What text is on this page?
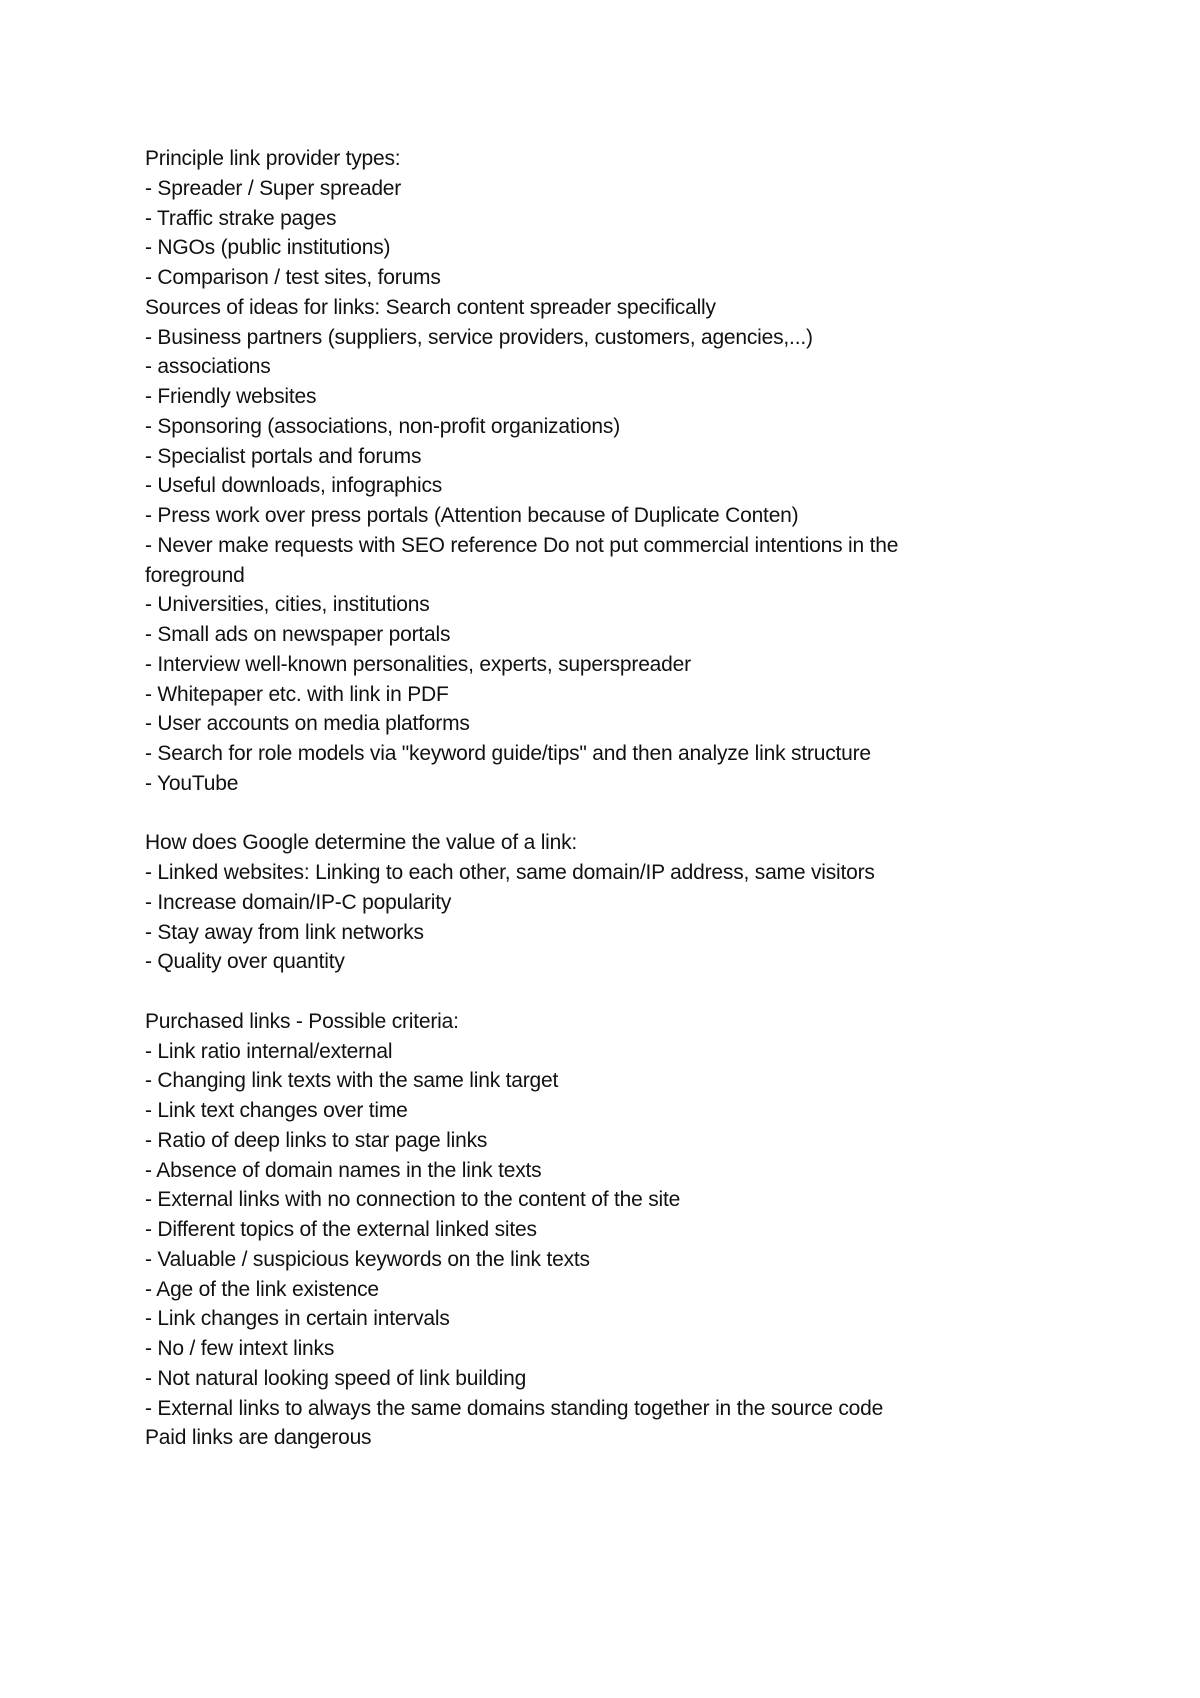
Principle link provider types:
- Spreader / Super spreader
- Traffic strake pages
- NGOs (public institutions)
- Comparison / test sites, forums
Sources of ideas for links: Search content spreader specifically
- Business partners (suppliers, service providers, customers, agencies,...)
- associations
- Friendly websites
- Sponsoring (associations, non-profit organizations)
- Specialist portals and forums
- Useful downloads, infographics
- Press work over press portals (Attention because of Duplicate Conten)
- Never make requests with SEO reference Do not put commercial intentions in the
foreground
- Universities, cities, institutions
- Small ads on newspaper portals
- Interview well-known personalities, experts, superspreader
- Whitepaper etc. with link in PDF
- User accounts on media platforms
- Search for role models via "keyword guide/tips" and then analyze link structure
- YouTube
How does Google determine the value of a link:
- Linked websites: Linking to each other, same domain/IP address, same visitors
- Increase domain/IP-C popularity
- Stay away from link networks
- Quality over quantity
Purchased links - Possible criteria:
- Link ratio internal/external
- Changing link texts with the same link target
- Link text changes over time
- Ratio of deep links to star page links
- Absence of domain names in the link texts
- External links with no connection to the content of the site
- Different topics of the external linked sites
- Valuable / suspicious keywords on the link texts
- Age of the link existence
- Link changes in certain intervals
- No / few intext links
- Not natural looking speed of link building
- External links to always the same domains standing together in the source code
Paid links are dangerous
